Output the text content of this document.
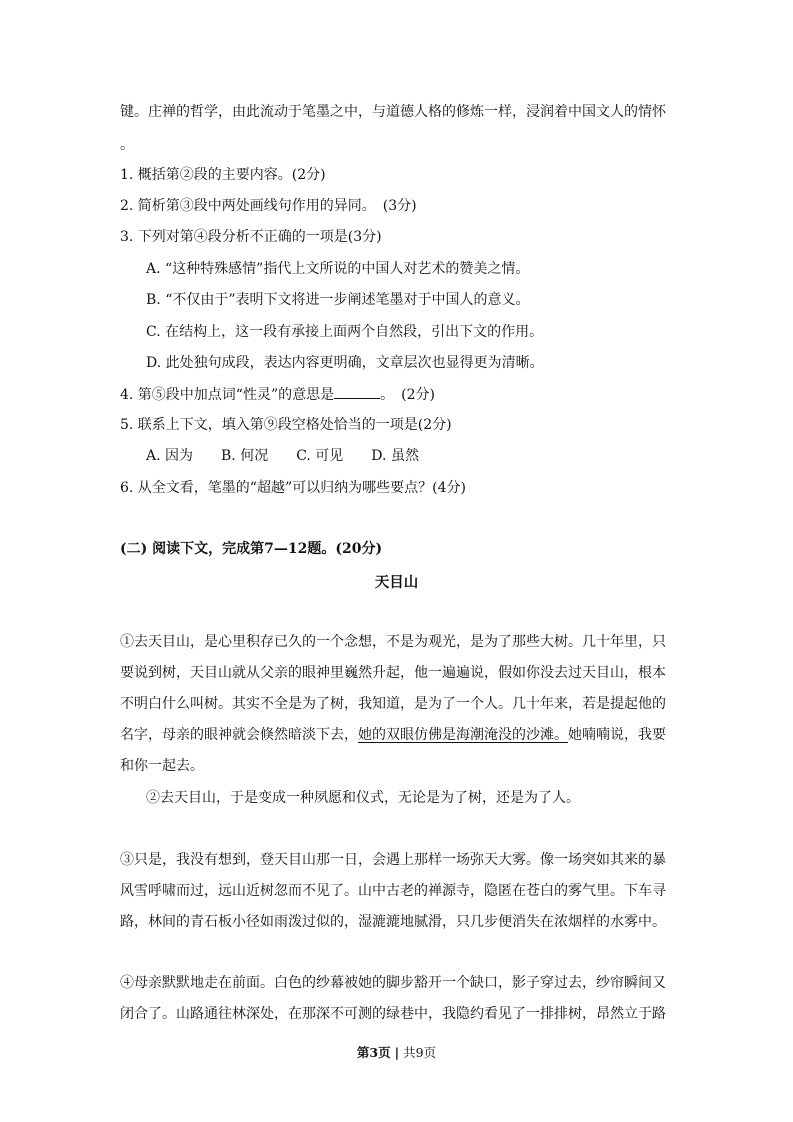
键。庄禅的哲学，由此流动于笔墨之中，与道德人格的修炼一样，浸润着中国文人的情怀
。
1. 概括第②段的主要内容。(2分)
2. 简析第③段中两处画线句作用的异同。　(3分)
3. 下列对第④段分析不正确的一项是(3分)
A. “这种特殊感情”指代上文所说的中国人对艺术的赞美之情。
B. “不仅由于”表明下文将进一步阐述笔墨对于中国人的意义。
C. 在结构上，这一段有承接上面两个自然段，引出下文的作用。
D. 此处独句成段，表达内容更明确，文章层次也显得更为清晰。
4. 第⑤段中加点词“性灵”的意思是	。　(2分)
5. 联系上下文，填入第⑨段空格处恰当的一项是(2分)
A. 因为　　B. 何况　　C. 可见　　D. 虽然
6. 从全文看，笔墨的“超越”可以归纳为哪些要点？(4分)
(二) 阅读下文，完成第7—12题。(20分)
天目山
①去天目山，是心里积存已久的一个念想，不是为观光，是为了那些大树。几十年里，只
要说到树，天目山就从父亲的眼神里巍然升起，他一遍遍说，假如你没去过天目山，根本
不明白什么叫树。其实不全是为了树，我知道，是为了一个人。几十年来，若是提起他的
名字，母亲的眼神就会倏然暗淡下去，她的双眼仿佛是海潮淹没的沙滩。她喃喃说，我要
和你一起去。
②去天目山，于是变成一种夙愿和仪式，无论是为了树，还是为了人。
③只是，我没有想到，登天目山那一日，会遇上那样一场弥天大雾。像一场突如其来的暴
风雪呼啸而过，远山近树忽而不见了。山中古老的禅源寺，隐匿在苍白的雾气里。下车寻
路，林间的青石板小径如雨泼过似的，湿漉漉地腻滑，只几步便消失在浓烟样的水雾中。
④母亲默默地走在前面。白色的纱幕被她的脚步豁开一个缺口，影子穿过去，纱帘瞬间又
闭合了。山路通往林深处，在那深不可测的绿巷中，我隐约看见了一排排树，昂然立于路
第3页 | 共9页
